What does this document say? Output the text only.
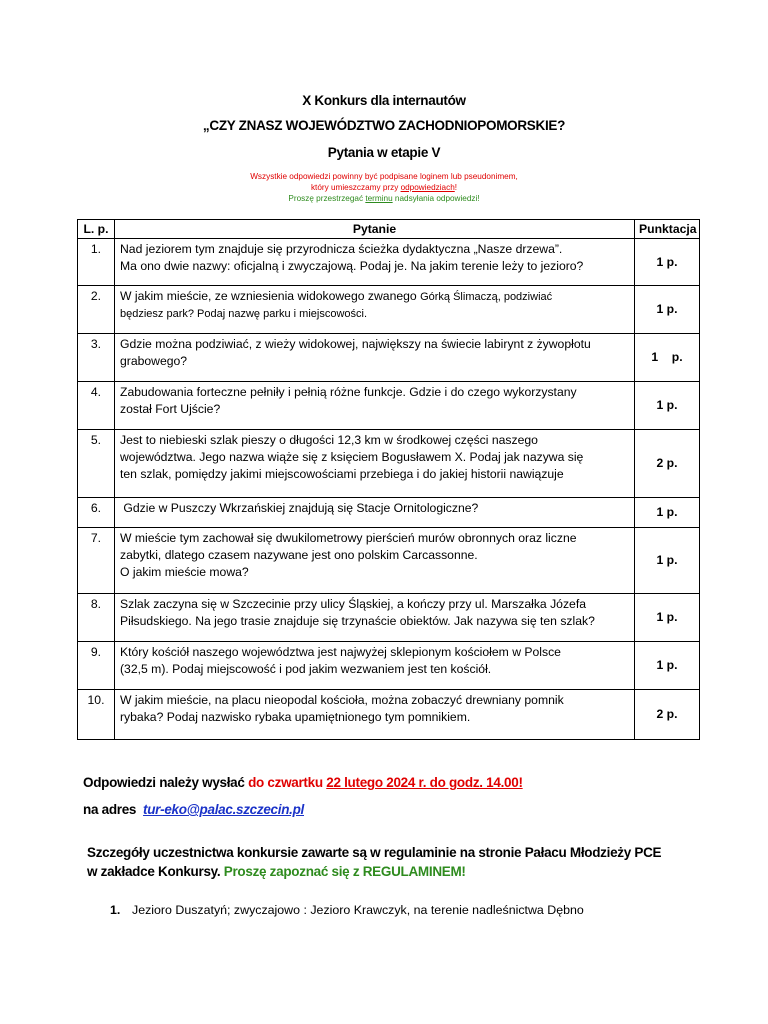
X Konkurs dla internautów
„CZY ZNASZ WOJEWÓDZTWO ZACHODNIOPOMORSKIE?
Pytania w etapie V
Wszystkie odpowiedzi powinny być podpisane loginem lub pseudonimem,
który umieszczamy przy odpowiedziach!
Proszę przestrzegać terminu nadsyłania odpowiedzi!
L. p.	Pytanie	Punktacja
1.	Nad jeziorem tym znajduje się przyrodnicza ścieżka dydaktyczna „Nasze drzewa”.
Ma ono dwie nazwy: oficjalną i zwyczajową. Podaj je. Na jakim terenie leży to jezioro?	1 p.
2.	W jakim mieście, ze wzniesienia widokowego zwanego Górką Ślimaczą, podziwiać
będziesz park? Podaj nazwę parku i miejscowości.	1 p.
3.	Gdzie można podziwiać, z wieży widokowej, największy na świecie labirynt z żywopłotu
grabowego?	1    p.
4.	Zabudowania forteczne pełniły i pełnią różne funkcje. Gdzie i do czego wykorzystany
został Fort Ujście?	1 p.
5.	Jest to niebieski szlak pieszy o długości 12,3 km w środkowej części naszego
województwa. Jego nazwa wiąże się z księciem Bogusławem X. Podaj jak nazywa się
ten szlak, pomiędzy jakimi miejscowościami przebiega i do jakiej historii nawiązuje	2 p.
6.	Gdzie w Puszczy Wkrzańskiej znajdują się Stacje Ornitologiczne?	1 p.
7.	W mieście tym zachował się dwukilometrowy pierścień murów obronnych oraz liczne
zabytki, dlatego czasem nazywane jest ono polskim Carcassonne.
O jakim mieście mowa?	1 p.
8.	Szlak zaczyna się w Szczecinie przy ulicy Śląskiej, a kończy przy ul. Marszałka Józefa
Piłsudskiego. Na jego trasie znajduje się trzynaście obiektów. Jak nazywa się ten szlak?	1 p.
9.	Który kościół naszego województwa jest najwyżej sklepionym kościołem w Polsce
(32,5 m). Podaj miejscowość i pod jakim wezwaniem jest ten kościół.	1 p.
10.	W jakim mieście, na placu nieopodal kościoła, można zobaczyć drewniany pomnik
rybaka? Podaj nazwisko rybaka upamiętnionego tym pomnikiem.	2 p.
Odpowiedzi należy wysłać do czwartku 22 lutego 2024 r. do godz. 14.00!
na adres  tur-eko@palac.szczecin.pl
Szczegóły uczestnictwa konkursie zawarte są w regulaminie na stronie Pałacu Młodzieży PCE
w zakładce Konkursy. Proszę zapoznać się z REGULAMINEM!
1. Jezioro Duszatyń; zwyczajowo : Jezioro Krawczyk, na terenie nadleśnictwa Dębno
